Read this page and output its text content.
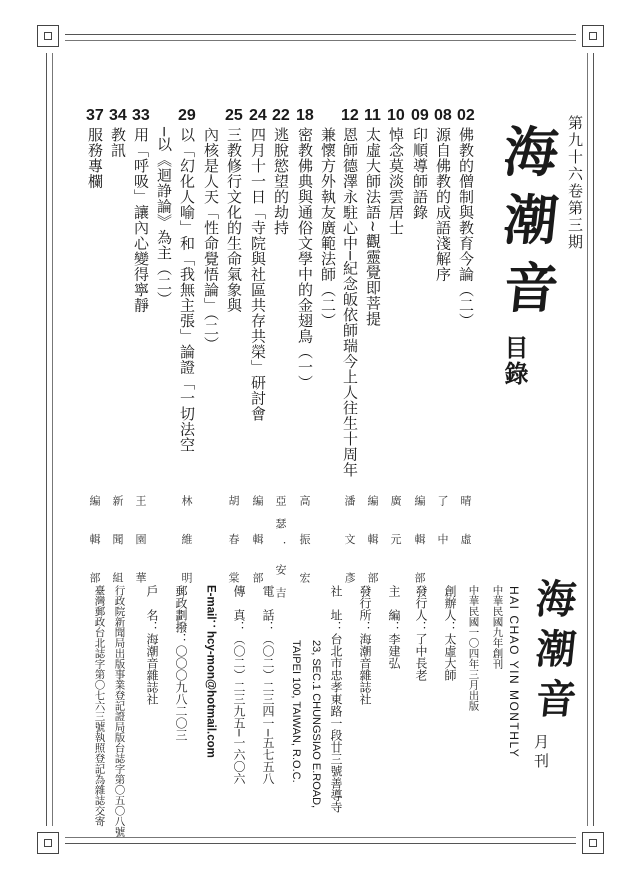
第九十六卷第三期
海
潮
音
目錄
02
佛教的僧制與教育今論（二）
晴 虛
08
源自佛教的成語淺解序
了 中
09
印順導師語錄
編 輯 部
10
悼念莫淡雲居士
廣 元
11
太虛大師法語∼觀靈覺即菩提
編 輯 部
12
恩師德澤永駐心中─紀念皈依師瑞今上人往生十周年
潘 文 彥
兼懷方外執友廣範法師（二）
18
密教佛典與通俗文學中的金翅鳥（一）
高 振 宏
22
逃脫慾望的劫持
亞瑟．安吉
24
四月十一日「寺院與社區共存共榮」研討會
編 輯 部
25
三教修行文化的生命氣象與
胡 春 棠
內核是人天「性命覺悟論」（二）
29
以「幻化人喻」和「我無主張」論證「一切法空
林 維 明
─以《迴諍論》為主（二）
33
用「呼吸」讓內心變得寧靜
王 園 華
34
教訊
新 聞 組
37
服務專欄
編 輯 部
海
潮
音
HAI CHAO YIN MONTHLY 月刊
中華民國九年創刊
中華民國一〇四年三月出版
創辦人：太虛大師
發行人：了中長老
主　編：李建弘
發行所：海潮音雜誌社
社　址：台北市忠孝東路一段廿三號善導寺
23, SEC.1 CHUNGSIAO E.ROAD,
TAIPEI 100, TAIWAN, R.O.C.
電　話：（〇二）二三四一─五七五八
傳　真：（〇二）二三九五─一六〇六
E-mail：hcy-mon@hotmail.com
郵政劃撥：〇〇〇九八二〇三
戶　名：海潮音雜誌社
行政院新聞局出版事業登記證局版台誌字第〇五〇八號
臺灣郵政台北誌字第〇七六三號執照登記為雜誌交寄
